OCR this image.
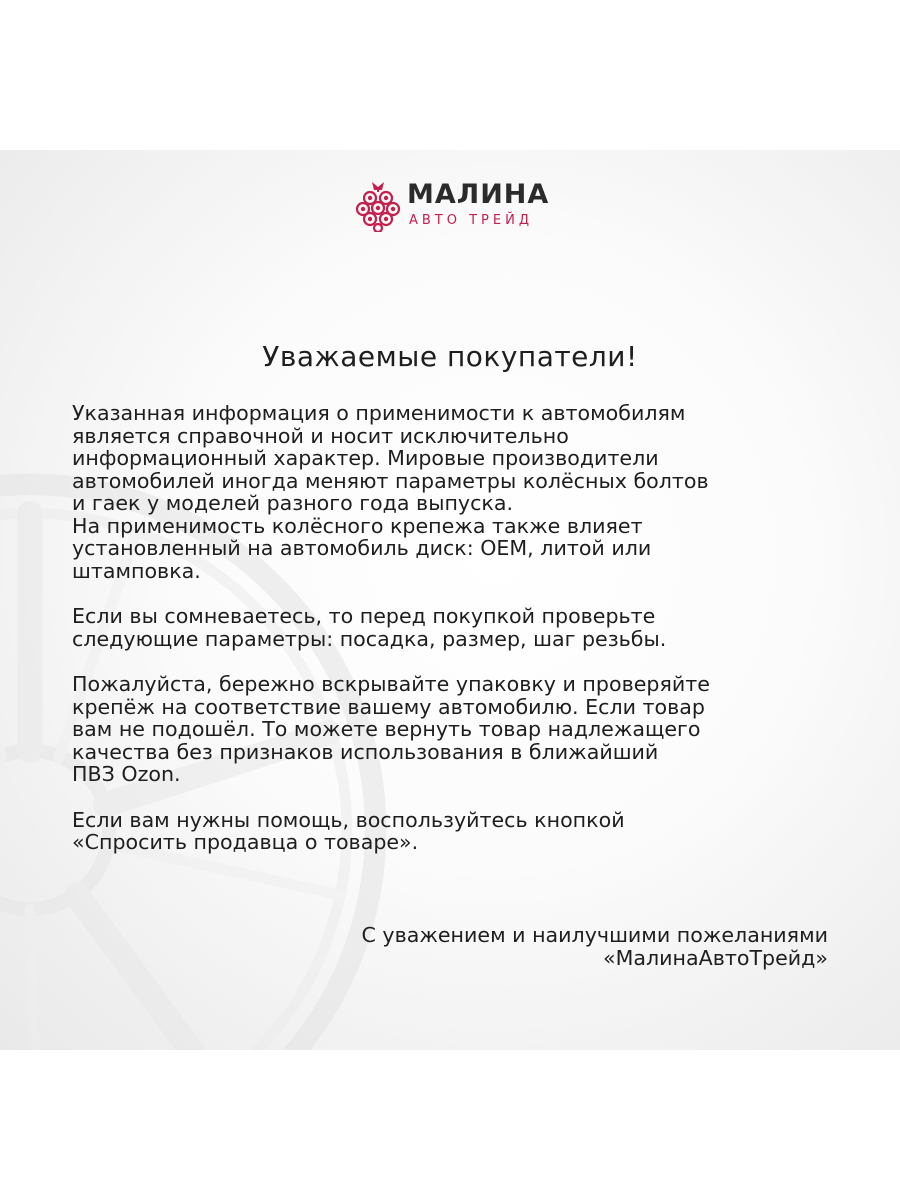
МАЛИНА
АВТО ТРЕЙД
Уважаемые покупатели!

Указанная информация о применимости к автомобилям
является справочной и носит исключительно
информационный характер. Мировые производители
автомобилей иногда меняют параметры колёсных болтов
и гаек у моделей разного года выпуска.
На применимость колёсного крепежа также влияет
установленный на автомобиль диск: OEM, литой или
штамповка.

Если вы сомневаетесь, то перед покупкой проверьте
следующие параметры: посадка, размер, шаг резьбы.

Пожалуйста, бережно вскрывайте упаковку и проверяйте
крепёж на соответствие вашему автомобилю. Если товар
вам не подошёл. То можете вернуть товар надлежащего
качества без признаков использования в ближайший
ПВЗ Ozon.

Если вам нужны помощь, воспользуйтесь кнопкой
«Спросить продавца о товаре».

С уважением и наилучшими пожеланиями
«МалинаАвтоТрейд»
